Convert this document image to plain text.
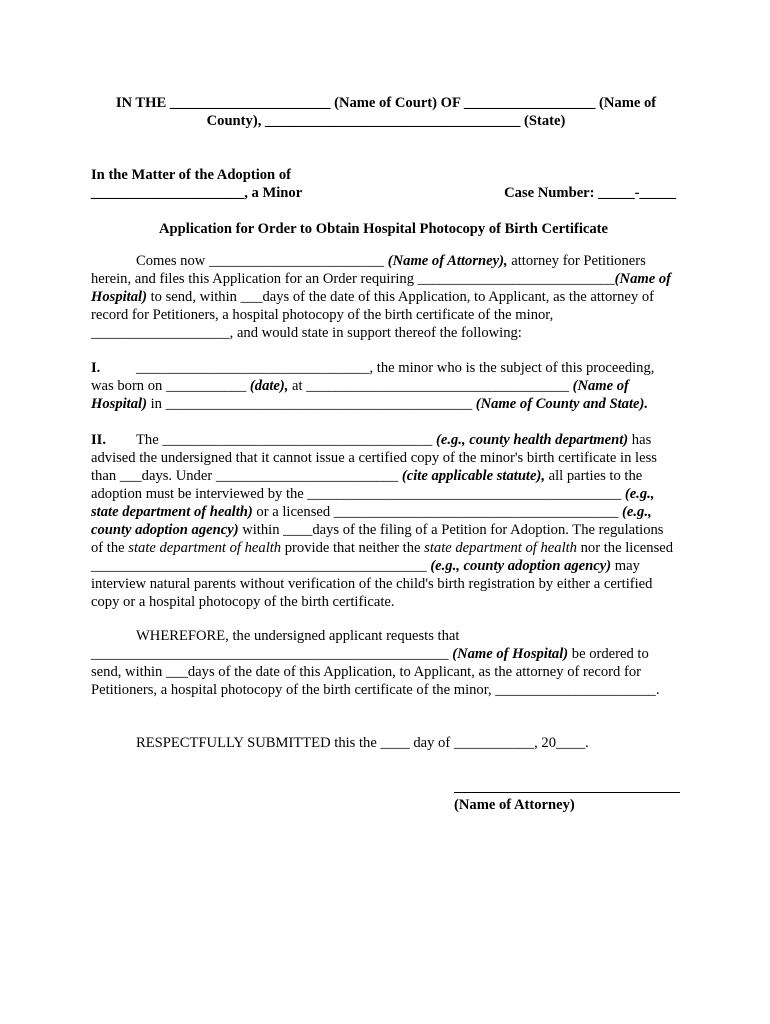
IN THE ______________________ (Name of Court) OF __________________ (Name of
County), ___________________________________ (State)
In the Matter of the Adoption of
_____________________, a Minor	Case Number: _____-_____
Application for Order to Obtain Hospital Photocopy of Birth Certificate

Comes now ________________________ (Name of Attorney), attorney for Petitioners herein, and files this Application for an Order requiring ___________________________(Name of Hospital) to send, within ___days of the date of this Application, to Applicant, as the attorney of record for Petitioners, a hospital photocopy of the birth certificate of the minor, ___________________, and would state in support thereof the following:

I. ________________________________, the minor who is the subject of this proceeding, was born on ___________ (date), at ____________________________________ (Name of Hospital) in __________________________________________ (Name of County and State).

II. The _____________________________________ (e.g., county health department) has advised the undersigned that it cannot issue a certified copy of the minor's birth certificate in less than ___days. Under _________________________ (cite applicable statute), all parties to the adoption must be interviewed by the ___________________________________________ (e.g., state department of health) or a licensed _______________________________________ (e.g., county adoption agency) within ____days of the filing of a Petition for Adoption. The regulations of the state department of health provide that neither the state department of health nor the licensed ______________________________________________ (e.g., county adoption agency) may interview natural parents without verification of the child's birth registration by either a certified copy or a hospital photocopy of the birth certificate.

WHEREFORE, the undersigned applicant requests that _________________________________________________ (Name of Hospital) be ordered to send, within ___days of the date of this Application, to Applicant, as the attorney of record for Petitioners, a hospital photocopy of the birth certificate of the minor, ______________________.

RESPECTFULLY SUBMITTED this the ____ day of ___________, 20____.

(Name of Attorney)
